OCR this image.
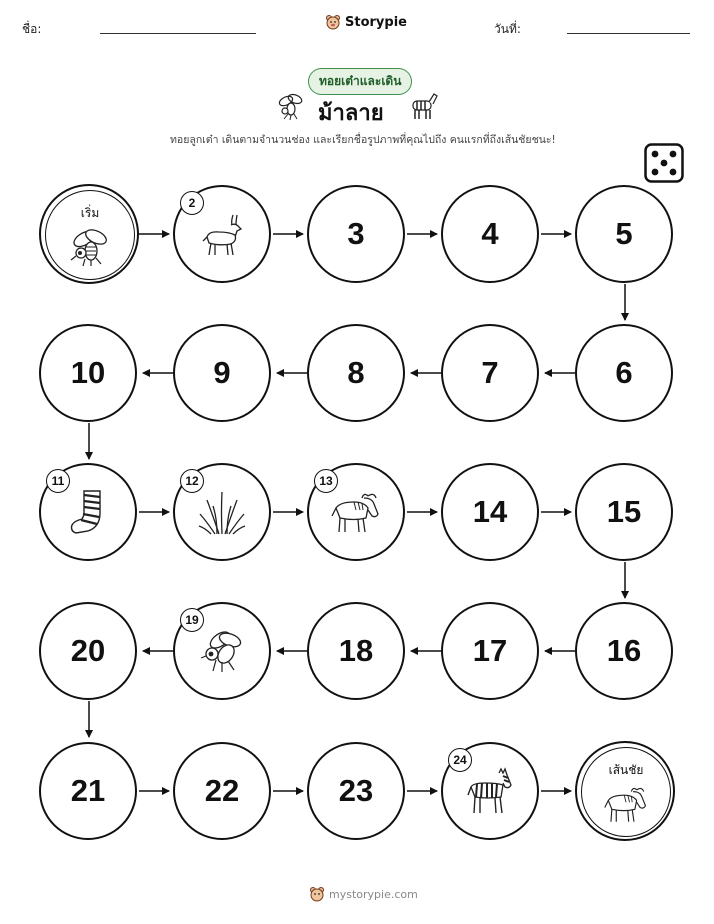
ชื่อ:	Storypie	วันที่:
ทอยเต๋าและเดิน
ม้าลาย
ทอยลูกเต๋า เดินตามจำนวนช่อง และเรียกชื่อรูปภาพที่คุณไปถึง คนแรกที่ถึงเส้นชัยชนะ!
เริ่ม
2
3	4	5
6
7
8
9
10
11	12	13
14	15
16
17
18
19
20
21	22	23
24
เส้นชัย
mystorypie.com
